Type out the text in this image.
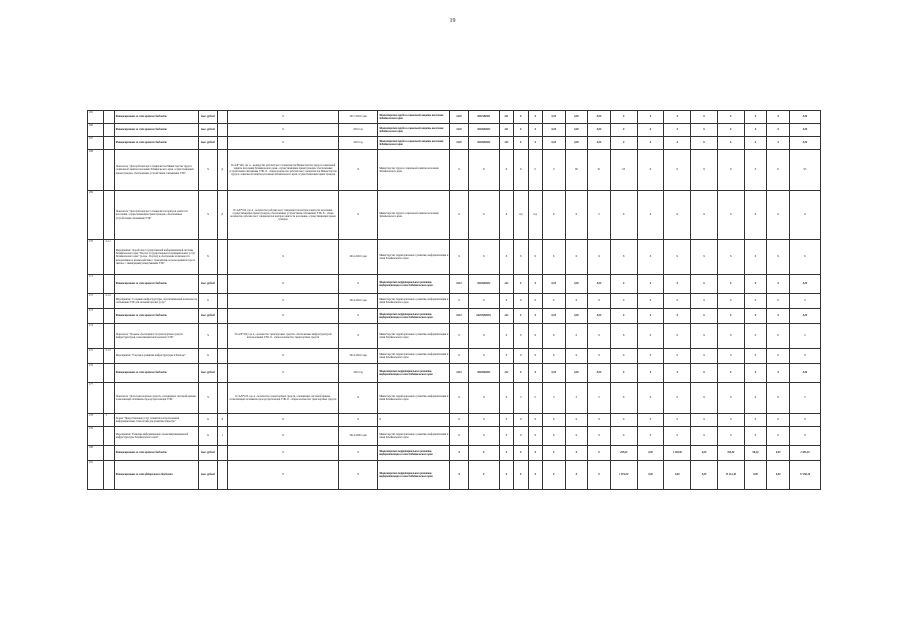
19
165		Финансирование за счет краевого бюджета	тыс. рублей		X	2017-2018 годы	Министерство труда и социальной защиты населения Забайкальского края	0420	0620180001	241	X	X	0,00	0,00	0,00	X	X	X	X	X	X	X	0,00
166		Финансирование за счет краевого бюджета	тыс. рублей		X	2016 год	Министерство труда и социальной защиты населения Забайкальского края	0420	0620960002	241	X	X	0,00	0,00	0,00	X	X	X	X	X	X	X	0,00
167		Финансирование за счет краевого бюджета	тыс. рублей		X	2016 год	Министерство труда и социальной защиты населения Забайкальского края	0420	0620960002	243	X	X	0,00	0,00	0,00	X	X	X	X	X	X	X	0,00
168		Показатель "Доля рабочих мест специалистов Министерства труда и социальной защиты населения Забайкальского края, осуществляющих прием граждан, обеспеченных устройствами считывания УЭК"	%	Д	П=А/Б*100, где А - количество рабочих мест специалистов Министерства труда и социальной защиты населения Забайкальского края, осуществляющих прием граждан, обеспеченных устройствами считывания УЭК, Б - общее количество рабочих мест специалистов Министерства труда и социальной защиты населения Забайкальского края, осуществляющих прием граждан	X	Министерство труда и социальной защиты населения Забайкальского края	X	X	X	X	0	0	60	91	93	X	X	X	X	X	X	93
169		Показатель "Доля рабочих мест специалистов центров занятости населения, осуществляющих прием граждан, обеспеченных устройствами считывания УЭК"	%	Д	П=А/Б*100, где А - количество рабочих мест специалистов центров занятости населения, осуществляющих прием граждан, обеспеченных устройствами считывания УЭК, Б - общее количество рабочих мест специалистов центров занятости населения, осуществляющих прием граждан	X	Министерство труда и социальной защиты населения Забайкальского края	X	X	X	н/д	н/д	X	X	0	X	X	X	X	X	X	X	X
170	2.1.1	Мероприятие "Доработка государственной информационной системы Забайкальского края "Портал государственных и муниципальных услуг Забайкальского края" (далее - Портал) в обеспечение возможности интерактивного взаимодействия с гражданами, использования которого связано с ликвидацией развертывания УЭК"	X		X	2014-2016 годы	Министерство территориального развития, информатизации и связи Забайкальского края	X	X	X	X	X	X	X	X	X	X	X	X	X	X	X	X
171		Финансирование за счет краевого бюджета	тыс. рублей		X	X	Министерство территориального развития, информатизации и связи Забайкальского края	0410	0620960002	242	X	X	0,00	0,00	0,00	X	X	X	X	X	X	X	0,00
172	2.1.2	Мероприятие "Создание инфраструктуры, обеспечивающей возможность считывания УЭК для оказания прочих услуг"	X		X	2014-2016 годы	Министерство территориального развития, информатизации и связи Забайкальского края	X	X	X	X	X	X	X	X	X	X	X	X	X	X	X	X
173		Финансирование за счет краевого бюджета	тыс. рублей		X	X	Министерство территориального развития, информатизации и связи Забайкальского края	0410	06209(00001)	242	X	X	0,00	0,00	0,00	X	X	X	X	X	X	X	0,00
174		Показатель "Уровень обеспеченности транспортных средств инфраструктурой, позволяющей использовать УЭК"	%		П=А/Б*100, где А - количество транспортных средств, обеспеченных инфраструктурой использования УЭК, Б - общее количество транспортных средств	X	Министерство территориального развития, информатизации и связи Забайкальского края	X	X	X	X	X	X	X	X	X	X	X	X	X	X	X	0
175	2.1.3	Мероприятие "Участие в развитии инфраструктуры в Регионе"	X		X	2014-2016 годы	Министерство территориального развития, информатизации и связи Забайкальского края	X	X	X	X	X	X	X	X	X	X	X	X	X	X	X	X
176		Финансирование за счет краевого бюджета	тыс. рублей		X	2016 год	Министерство территориального развития, информатизации и связи Забайкальского края	0410	0620960002	242	X	X	0,00	0,00	0,00	X	X	X	X	X	X	X	0,00
177		Показатель "Доля транспортных средств, оснащенных системой приема, позволяющей оплачивать проезд при помощи УЭК"	%		П=А/Б*100, где А - количество транспортных средств, оснащенных системой приема, позволяющей оплачивать проезд при помощи УЭК, Б - общее количество транспортных средств	X	Министерство территориального развития, информатизации и связи Забайкальского края	X	X	X	0	0	0	0	0	X	X	X	X	X	X	X	0
178	3	Задача "Предоставление услуг развития и использования информационных технологий для развития общества"	X	X	X	X	X	X	X	X	X	X	X	X	X	X	X	X	X	X	X	X	X
179		Мероприятие "Развитие информационно-телекоммуникационной инфраструктуры Забайкальского края"	X	1	X	2014-2020 годы	Министерство территориального развития, информатизации и связи Забайкальского края	X	X	X	X	X	X	X	X	X	X	X	X	X	X	X	X
180		Финансирование за счет краевого бюджета	тыс. рублей		X	X	Министерство территориального развития, информатизации и связи Забайкальского края	X	X	X	X	X	X	X	X	205,00	0,00	1 260,00	0,00	760,00	98,20	0,00	2 283,20
181		Финансирование за счет федерального бюджета	тыс. рублей		X	X	Министерство территориального развития, информатизации и связи Забайкальского края	X	X	X	X	X	X	X	X	1 874,00	0,00	0,00	0,00	15 412,40	0,00	0,00	17 286,40
